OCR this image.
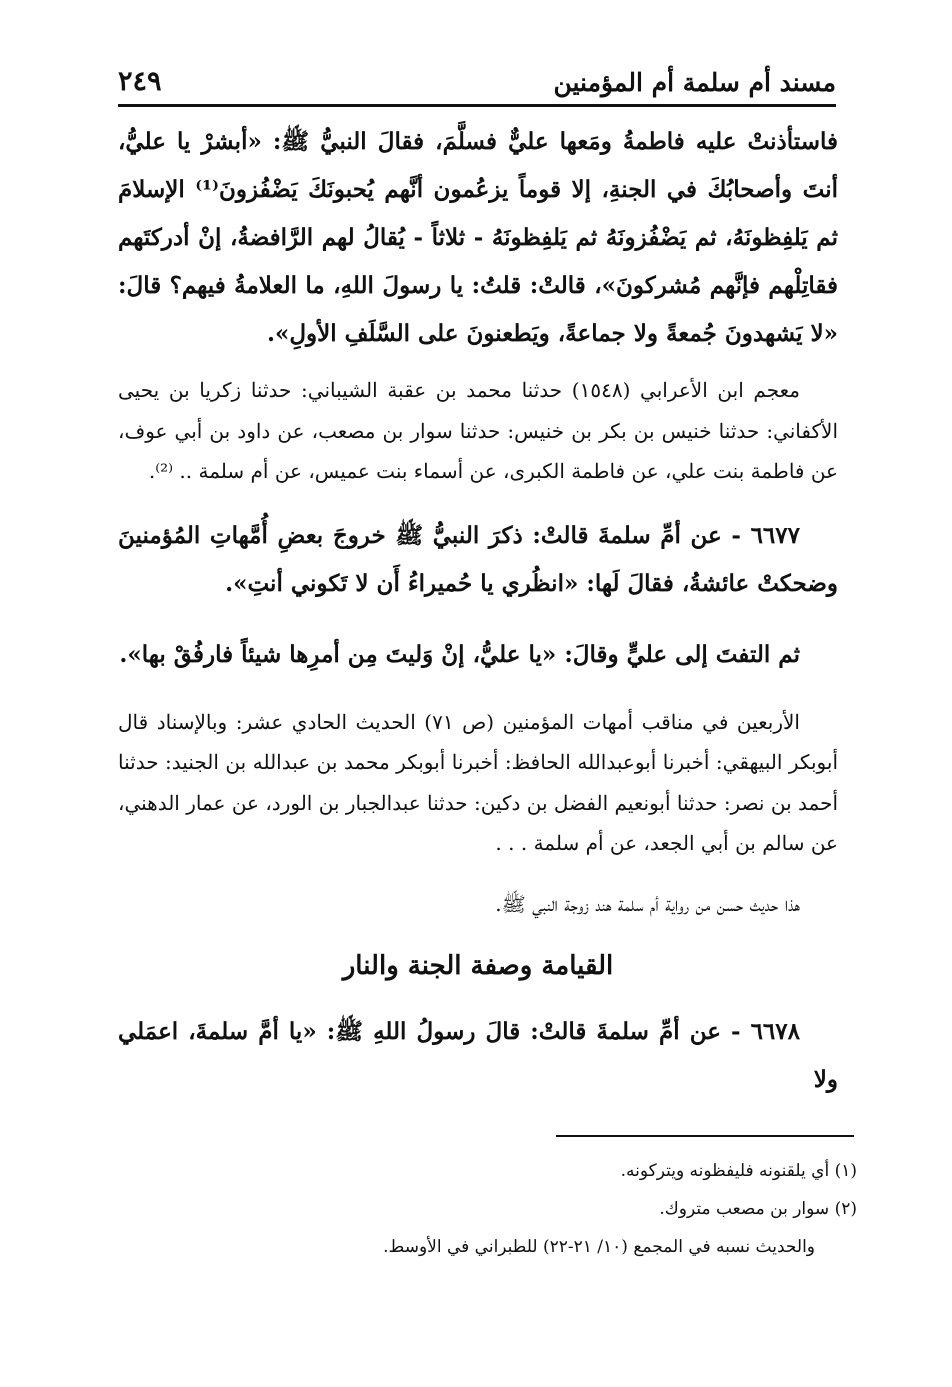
مسند أم سلمة أم المؤمنين
٢٤٩

فاستأذنتْ عليه فاطمةُ ومَعها عليٌّ فسلَّمَ، فقالَ النبيُّ ﷺ: «أبشرْ يا عليُّ، أنتَ وأصحابُكَ في الجنةِ، إلا قوماً يزعُمون أنَّهم يُحبونَكَ يَضْفُزونَ⁽¹⁾ الإسلامَ ثم يَلفِظونَهُ، ثم يَضْفُزونَهُ ثم يَلفِظونَهُ - ثلاثاً - يُقالُ لهم الرَّافضةُ، إنْ أدركتَهم فقاتِلْهم فإنَّهم مُشركونَ»، قالتْ: قلتُ: يا رسولَ اللهِ، ما العلامةُ فيهم؟ قالَ: «لا يَشهدونَ جُمعةً ولا جماعةً، ويَطعنونَ على السَّلَفِ الأولِ».

معجم ابن الأعرابي (١٥٤٨) حدثنا محمد بن عقبة الشيباني: حدثنا زكريا بن يحيى الأكفاني: حدثنا خنيس بن بكر بن خنيس: حدثنا سوار بن مصعب، عن داود بن أبي عوف، عن فاطمة بنت علي، عن فاطمة الكبرى، عن أسماء بنت عميس، عن أم سلمة .. ⁽²⁾.

٦٦٧٧ - عن أمِّ سلمةَ قالتْ: ذكرَ النبيُّ ﷺ خروجَ بعضِ أُمَّهاتِ المُؤمنينَ وضحكتْ عائشةُ، فقالَ لَها: «انظُري يا حُميراءُ أَن لا تَكوني أنتِ».

ثم التفتَ إلى عليٍّ وقالَ: «يا عليُّ، إنْ وَليتَ مِن أمرِها شيئاً فارفُقْ بها».

الأربعين في مناقب أمهات المؤمنين (ص ٧١) الحديث الحادي عشر: وبالإسناد قال أبوبكر البيهقي: أخبرنا أبوعبدالله الحافظ: أخبرنا أبوبكر محمد بن عبدالله بن الجنيد: حدثنا أحمد بن نصر: حدثنا أبونعيم الفضل بن دكين: حدثنا عبدالجبار بن الورد، عن عمار الدهني، عن سالم بن أبي الجعد، عن أم سلمة . . .

هذا حديث حسن من رواية أم سلمة هند زوجة النبي ﷺ.

القيامة وصفة الجنة والنار

٦٦٧٨ - عن أمِّ سلمةَ قالتْ: قالَ رسولُ اللهِ ﷺ: «يا أمَّ سلمةَ، اعمَلي ولا

(١) أي يلقنونه فليفظونه ويتركونه.
(٢) سوار بن مصعب متروك.
والحديث نسبه في المجمع (١٠/ ٢١-٢٢) للطبراني في الأوسط.
